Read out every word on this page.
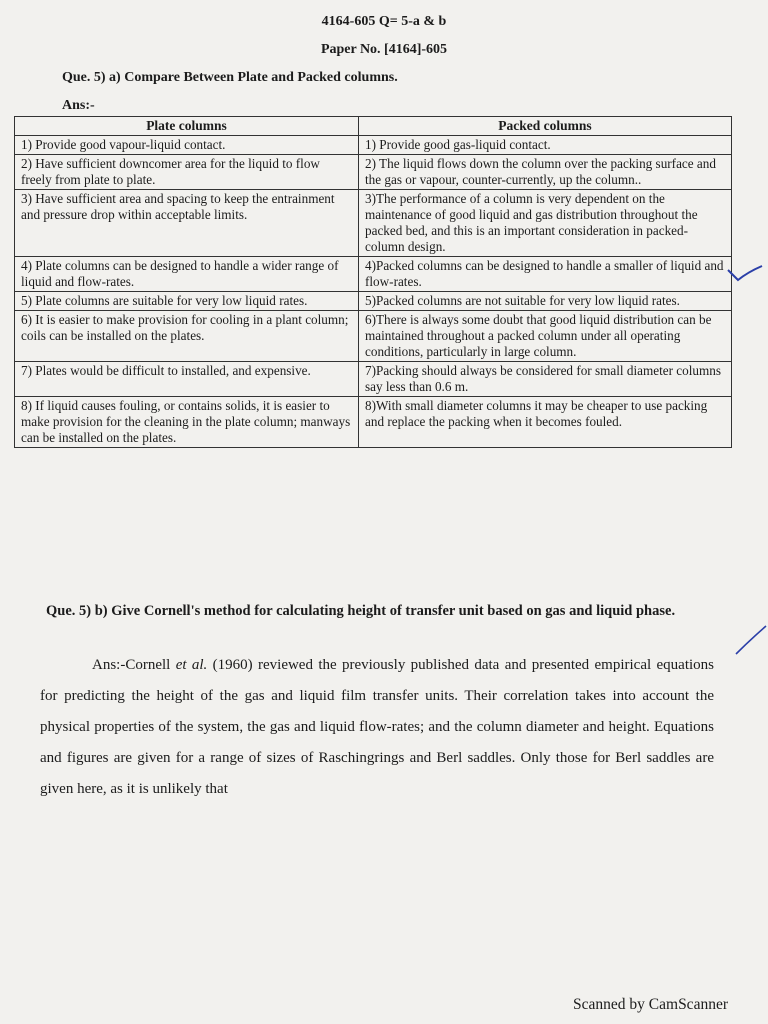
4164-605 Q= 5-a & b
Paper No. [4164]-605
Que. 5) a) Compare Between Plate and Packed columns.
Ans:-
Plate columns	Packed columns
1) Provide good vapour-liquid contact.	1) Provide good gas-liquid contact.
2) Have sufficient downcomer area for the liquid to flow freely from plate to plate.	2) The liquid flows down the column over the packing surface and the gas or vapour, counter-currently, up the column..
3) Have sufficient area and spacing to keep the entrainment and pressure drop within acceptable limits.	3)The performance of a column is very dependent on the maintenance of good liquid and gas distribution throughout the packed bed, and this is an important consideration in packed-column design.
4) Plate columns can be designed to handle a wider range of liquid and flow-rates.	4)Packed columns can be designed to handle a smaller of liquid and flow-rates.
5) Plate columns are suitable for very low liquid rates.	5)Packed columns are not suitable for very low liquid rates.
6) It is easier to make provision for cooling in a plant column; coils can be installed on the plates.	6)There is always some doubt that good liquid distribution can be maintained throughout a packed column under all operating conditions, particularly in large column.
7) Plates would be difficult to installed, and expensive.	7)Packing should always be considered for small diameter columns say less than 0.6 m.
8) If liquid causes fouling, or contains solids, it is easier to make provision for the cleaning in the plate column; manways can be installed on the plates.	8)With small diameter columns it may be cheaper to use packing and replace the packing when it becomes fouled.
Que. 5) b) Give Cornell's method for calculating height of transfer unit based on gas and liquid phase.
Ans:-Cornell et al. (1960) reviewed the previously published data and presented empirical equations for predicting the height of the gas and liquid film transfer units. Their correlation takes into account the physical properties of the system, the gas and liquid flow-rates; and the column diameter and height. Equations and figures are given for a range of sizes of Raschingrings and Berl saddles. Only those for Berl saddles are given here, as it is unlikely that
Scanned by CamScanner
